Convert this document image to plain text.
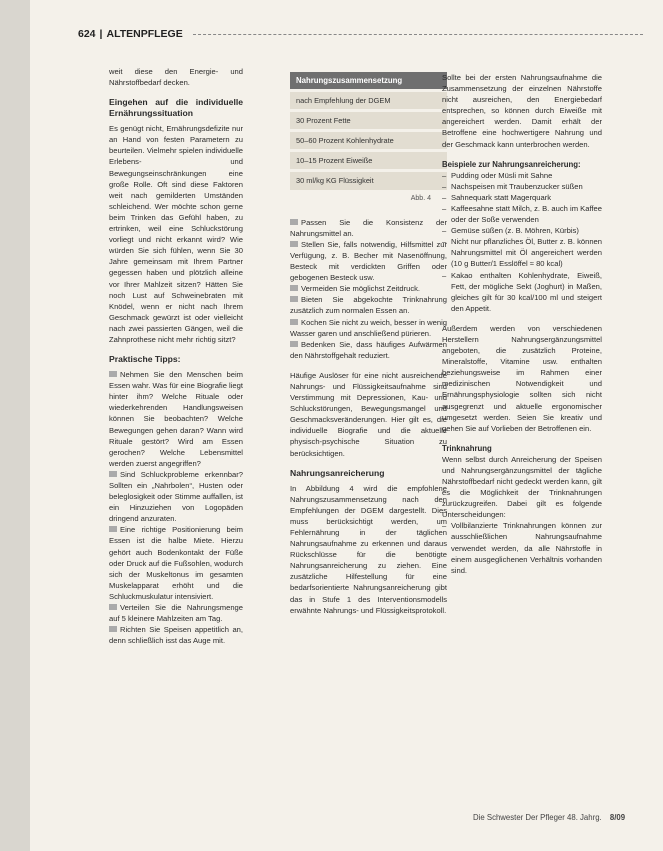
624 | ALTENPFLEGE

weit diese den Energie- und Nährstoffbedarf decken.

Eingehen auf die individuelle Ernährungssituation

Es genügt nicht, Ernährungsdefizite nur an Hand von festen Parametern zu beurteilen. Vielmehr spielen individuelle Erlebens- und Bewegungseinschränkungen eine große Rolle. Oft sind diese Faktoren weit nach gemilderten Umständen schleichend. Wer möchte schon gerne beim Trinken das Gefühl haben, zu ertrinken, weil eine Schluckstörung vorliegt und nicht erkannt wird? Wie würden Sie sich fühlen, wenn Sie 30 Jahre gemeinsam mit Ihrem Partner gegessen haben und plötzlich alleine vor Ihrer Mahlzeit sitzen? Hätten Sie noch Lust auf Schweinebraten mit Knödel, wenn er nicht nach Ihrem Geschmack gewürzt ist oder vielleicht nach zwei passierten Gängen, weil die Zahnprothese nicht mehr richtig sitzt?

Praktische Tipps:

Nehmen Sie den Menschen beim Essen wahr. Was für eine Biografie liegt hinter ihm? Welche Rituale oder wiederkehrenden Handlungsweisen können Sie beobachten? Welche Bewegungen gehen daran? Wann wird Rituale gestört? Wird am Essen gerochen? Welche Lebensmittel werden zuerst angegriffen?

Sind Schluckprobleme erkennbar? Sollten ein „Nahrbolen“, Husten oder beleglosigkeit oder Stimme auffallen, ist ein Hinzuziehen von Logopäden dringend anzuraten.

Eine richtige Positionierung beim Essen ist die halbe Miete. Hierzu gehört auch Bodenkontakt der Füße oder Druck auf die Fußsohlen, wodurch sich der Muskeltonus im gesamten Muskelapparat erhöht und die Schluckmuskulatur intensiviert.

Verteilen Sie die Nahrungsmenge auf 5 kleinere Mahlzeiten am Tag.

Richten Sie Speisen appetitlich an, denn schließlich isst das Auge mit.

Nahrungszusammensetzung
nach Empfehlung der DGEM
30 Prozent Fette
50–60 Prozent Kohlenhydrate
10–15 Prozent Eiweiße
30 ml/kg KG Flüssigkeit
Abb. 4

Passen Sie die Konsistenz der Nahrungsmittel an.

Stellen Sie, falls notwendig, Hilfsmittel zur Verfügung, z. B. Becher mit Nasenöffnung, Besteck mit verdickten Griffen oder gebogenen Besteck usw.

Vermeiden Sie möglichst Zeitdruck.

Bieten Sie abgekochte Trinknahrung zusätzlich zum normalen Essen an.

Kochen Sie nicht zu weich, besser in wenig Wasser garen und anschließend pürieren.

Bedenken Sie, dass häufiges Aufwärmen den Nährstoffgehalt reduziert.

Häufige Auslöser für eine nicht ausreichende Nahrungs- und Flüssigkeitsaufnahme sind Verstimmung mit Depressionen, Kau- und Schluckstörungen, Bewegungsmangel und Geschmacksveränderungen. Hier gilt es, die individuelle Biografie und die aktuelle physisch-psychische Situation zu berücksichtigen.

Nahrungsanreicherung

In Abbildung 4 wird die empfohlene Nahrungszusammensetzung nach den Empfehlungen der DGEM dargestellt. Dies muss berücksichtigt werden, um Fehlernährung in der täglichen Nahrungsaufnahme zu erkennen und daraus Rückschlüsse für die benötigte Nahrungsanreicherung zu ziehen. Eine zusätzliche Hilfestellung für eine bedarfsorientierte Nahrungsanreicherung gibt das in Stufe 1 des Interventionsmodells erwähnte Nahrungs- und Flüssigkeitsprotokoll.

Sollte bei der ersten Nahrungsaufnahme die Zusammensetzung der einzelnen Nährstoffe nicht ausreichen, den Energiebedarf entsprechen, so können durch Eiweiße mit angereichert werden. Damit erhält der Betroffene eine hochwertigere Nahrung und der Geschmack kann unterbrochen werden.

Beispiele zur Nahrungsanreicherung:
– Pudding oder Müsli mit Sahne
– Nachspeisen mit Traubenzucker süßen
– Sahnequark statt Magerquark
– Kaffeesahne statt Milch, z. B. auch im Kaffee oder der Soße verwenden
– Gemüse süßen (z. B. Möhren, Kürbis)
– Nicht nur pflanzliches Öl, Butter z. B. können Nahrungsmittel mit Öl angereichert werden (10 g Butter/1 Esslöffel ≈ 80 kcal)
– Kakao enthalten Kohlenhydrate, Eiweiß, Fett, der mögliche Sekt (Joghurt) in Maßen, gleiches gilt für 30 kcal/100 ml und steigert den Appetit.

Außerdem werden von verschiedenen Herstellern Nahrungsergänzungsmittel angeboten, die zusätzlich Proteine, Mineralstoffe, Vitamine usw. enthalten beziehungsweise im Rahmen einer medizinischen Notwendigkeit und Ernährungsphysiologie sollten sich nicht ausgegrenzt und aktuelle ergonomischer umgesetzt werden. Seien Sie kreativ und gehen Sie auf Vorlieben der Betroffenen ein.

Trinknahrung

Wenn selbst durch Anreicherung der Speisen und Nahrungsergänzungsmittel der tägliche Nährstoffbedarf nicht gedeckt werden kann, gilt es die Möglichkeit der Trinknahrungen zurückzugreifen. Dabei gilt es folgende Unterscheidungen:

– Vollbilanzierte Trinknahrungen können zur ausschließlichen Nahrungsaufnahme verwendet werden, da alle Nährstoffe in einem ausgeglichenen Verhältnis vorhanden sind.
Die Schwester Der Pfleger 48. Jahrg. 8/09
